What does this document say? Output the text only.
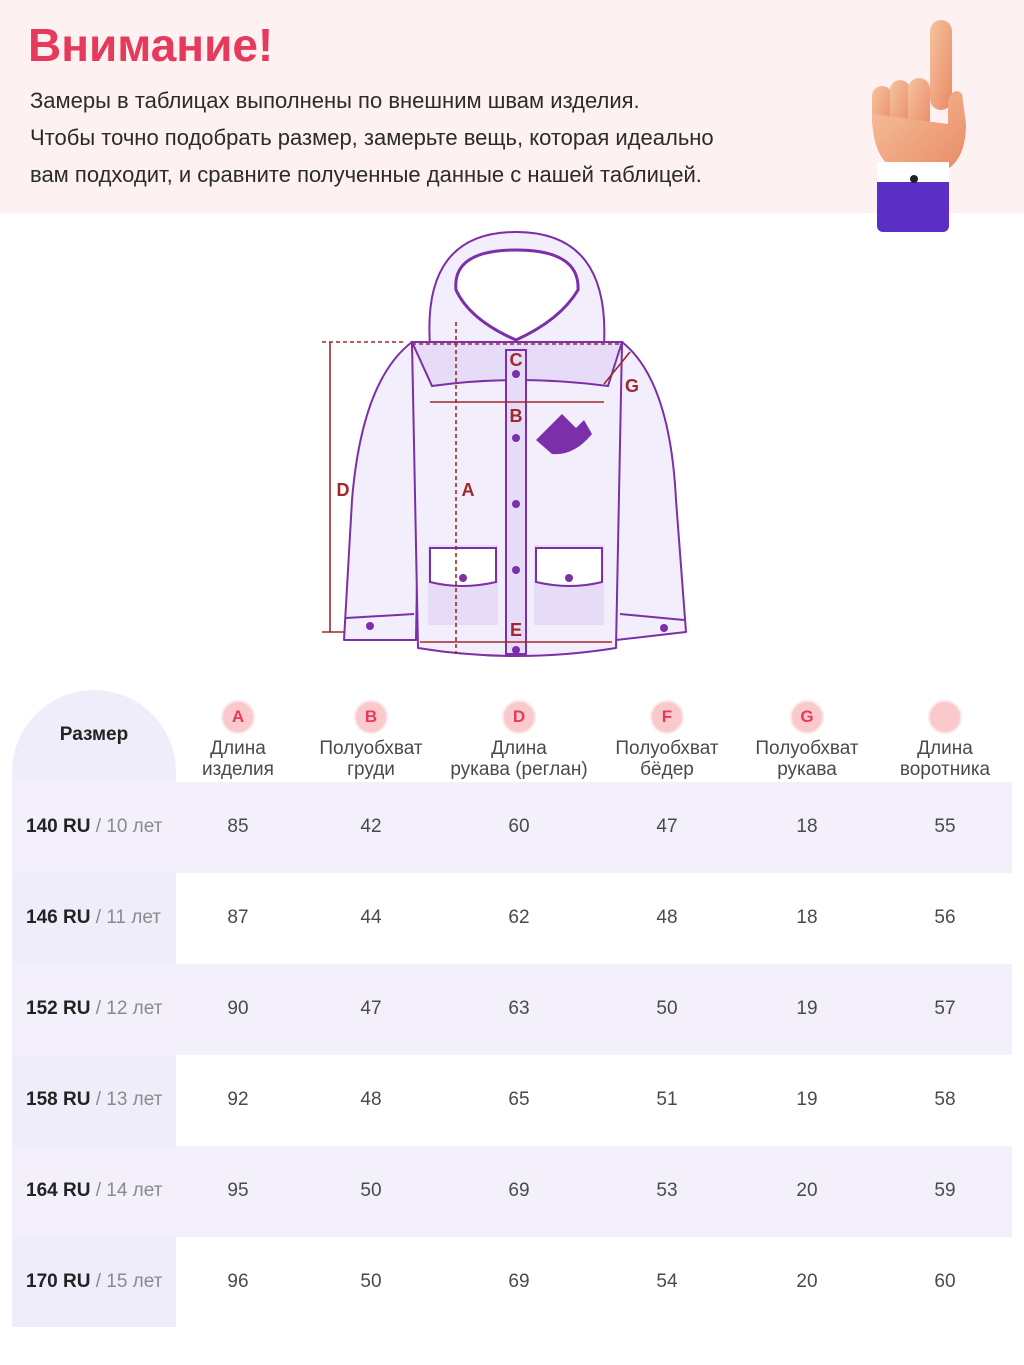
Внимание!

Замеры в таблицах выполнены по внешним швам изделия.
Чтобы точно подобрать размер, замерьте вещь, которая идеально
вам подходит, и сравните полученные данные с нашей таблицей.

C
B
G
D	A
E
Размер
A
Длина
изделия
B
Полуобхват
груди
D
Длина
рукава (реглан)
F
Полуобхват
бёдер
G
Полуобхват
рукава
Длина
воротника
140 RU / 10 лет	85	42	60	47	18	55
146 RU / 11 лет	87	44	62	48	18	56
152 RU / 12 лет	90	47	63	50	19	57
158 RU / 13 лет	92	48	65	51	19	58
164 RU / 14 лет	95	50	69	53	20	59
170 RU / 15 лет	96	50	69	54	20	60
